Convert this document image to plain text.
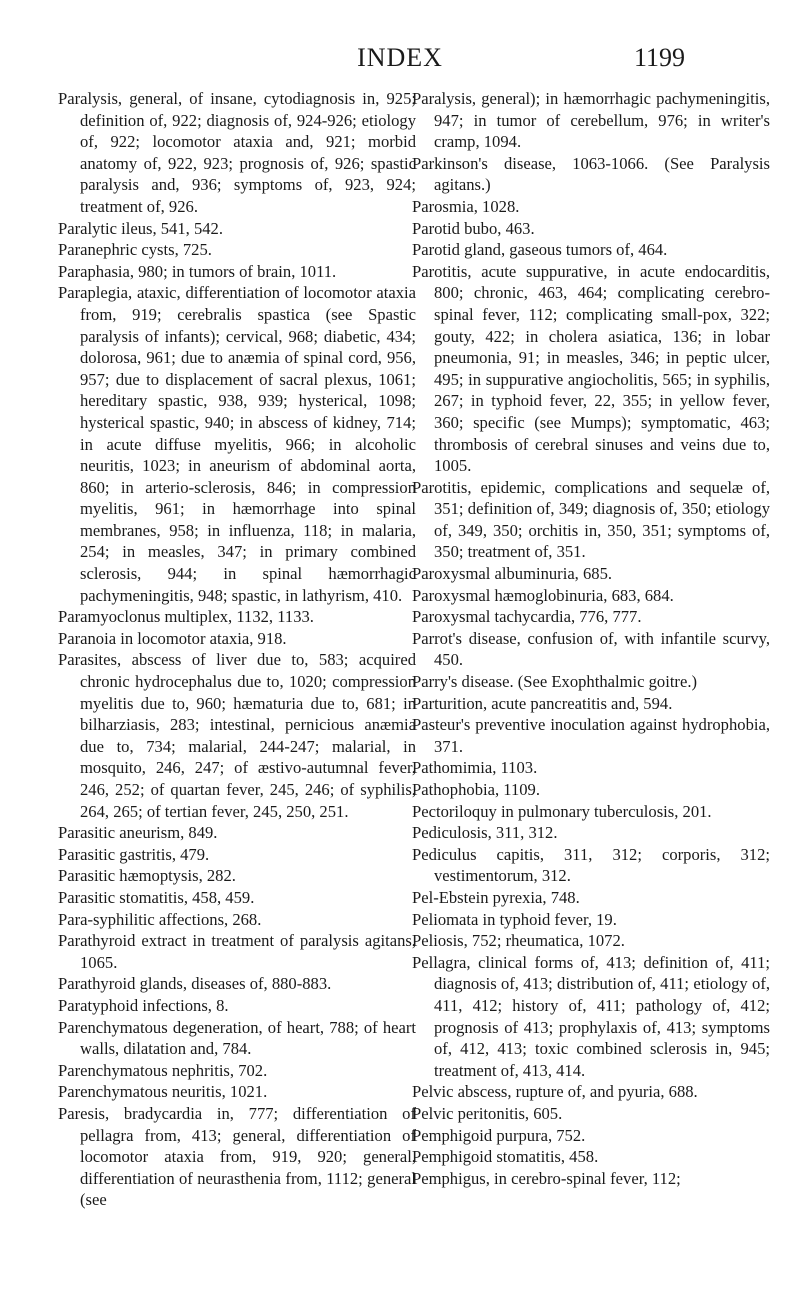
INDEX	1199

Paralysis, general, of insane, cytodiagnosis in, 925; definition of, 922; diagnosis of, 924-926; etiology of, 922; locomotor ataxia and, 921; morbid anatomy of, 922, 923; prognosis of, 926; spastic paralysis and, 936; symptoms of, 923, 924; treatment of, 926.

Paralytic ileus, 541, 542.

Paranephric cysts, 725.

Paraphasia, 980; in tumors of brain, 1011.

Paraplegia, ataxic, differentiation of locomotor ataxia from, 919; cerebralis spastica (see Spastic paralysis of infants); cervical, 968; diabetic, 434; dolorosa, 961; due to anæmia of spinal cord, 956, 957; due to displacement of sacral plexus, 1061; hereditary spastic, 938, 939; hysterical, 1098; hysterical spastic, 940; in abscess of kidney, 714; in acute diffuse myelitis, 966; in alcoholic neuritis, 1023; in aneurism of abdominal aorta, 860; in arterio-sclerosis, 846; in compression myelitis, 961; in hæmorrhage into spinal membranes, 958; in influenza, 118; in malaria, 254; in measles, 347; in primary combined sclerosis, 944; in spinal hæmorrhagic pachymeningitis, 948; spastic, in lathyrism, 410.

Paramyoclonus multiplex, 1132, 1133.

Paranoia in locomotor ataxia, 918.

Parasites, abscess of liver due to, 583; acquired chronic hydrocephalus due to, 1020; compression myelitis due to, 960; hæmaturia due to, 681; in bilharziasis, 283; intestinal, pernicious anæmia due to, 734; malarial, 244-247; malarial, in mosquito, 246, 247; of æstivo-autumnal fever, 246, 252; of quartan fever, 245, 246; of syphilis, 264, 265; of tertian fever, 245, 250, 251.

Parasitic aneurism, 849.

Parasitic gastritis, 479.

Parasitic hæmoptysis, 282.

Parasitic stomatitis, 458, 459.

Para-syphilitic affections, 268.

Parathyroid extract in treatment of paralysis agitans, 1065.

Parathyroid glands, diseases of, 880-883.

Paratyphoid infections, 8.

Parenchymatous degeneration, of heart, 788; of heart walls, dilatation and, 784.

Parenchymatous nephritis, 702.

Parenchymatous neuritis, 1021.

Paresis, bradycardia in, 777; differentiation of pellagra from, 413; general, differentiation of locomotor ataxia from, 919, 920; general, differentiation of neurasthenia from, 1112; general (see

Paralysis, general); in hæmorrhagic pachymeningitis, 947; in tumor of cerebellum, 976; in writer's cramp, 1094.

Parkinson's disease, 1063-1066. (See Paralysis agitans.)

Parosmia, 1028.

Parotid bubo, 463.

Parotid gland, gaseous tumors of, 464.

Parotitis, acute suppurative, in acute endocarditis, 800; chronic, 463, 464; complicating cerebro-spinal fever, 112; complicating small-pox, 322; gouty, 422; in cholera asiatica, 136; in lobar pneumonia, 91; in measles, 346; in peptic ulcer, 495; in suppurative angiocholitis, 565; in syphilis, 267; in typhoid fever, 22, 355; in yellow fever, 360; specific (see Mumps); symptomatic, 463; thrombosis of cerebral sinuses and veins due to, 1005.

Parotitis, epidemic, complications and sequelæ of, 351; definition of, 349; diagnosis of, 350; etiology of, 349, 350; orchitis in, 350, 351; symptoms of, 350; treatment of, 351.

Paroxysmal albuminuria, 685.

Paroxysmal hæmoglobinuria, 683, 684.

Paroxysmal tachycardia, 776, 777.

Parrot's disease, confusion of, with infantile scurvy, 450.

Parry's disease. (See Exophthalmic goitre.)

Parturition, acute pancreatitis and, 594.

Pasteur's preventive inoculation against hydrophobia, 371.

Pathomimia, 1103.

Pathophobia, 1109.

Pectoriloquy in pulmonary tuberculosis, 201.

Pediculosis, 311, 312.

Pediculus capitis, 311, 312; corporis, 312; vestimentorum, 312.

Pel-Ebstein pyrexia, 748.

Peliomata in typhoid fever, 19.

Peliosis, 752; rheumatica, 1072.

Pellagra, clinical forms of, 413; definition of, 411; diagnosis of, 413; distribution of, 411; etiology of, 411, 412; history of, 411; pathology of, 412; prognosis of 413; prophylaxis of, 413; symptoms of, 412, 413; toxic combined sclerosis in, 945; treatment of, 413, 414.

Pelvic abscess, rupture of, and pyuria, 688.

Pelvic peritonitis, 605.

Pemphigoid purpura, 752.

Pemphigoid stomatitis, 458.

Pemphigus, in cerebro-spinal fever, 112;
